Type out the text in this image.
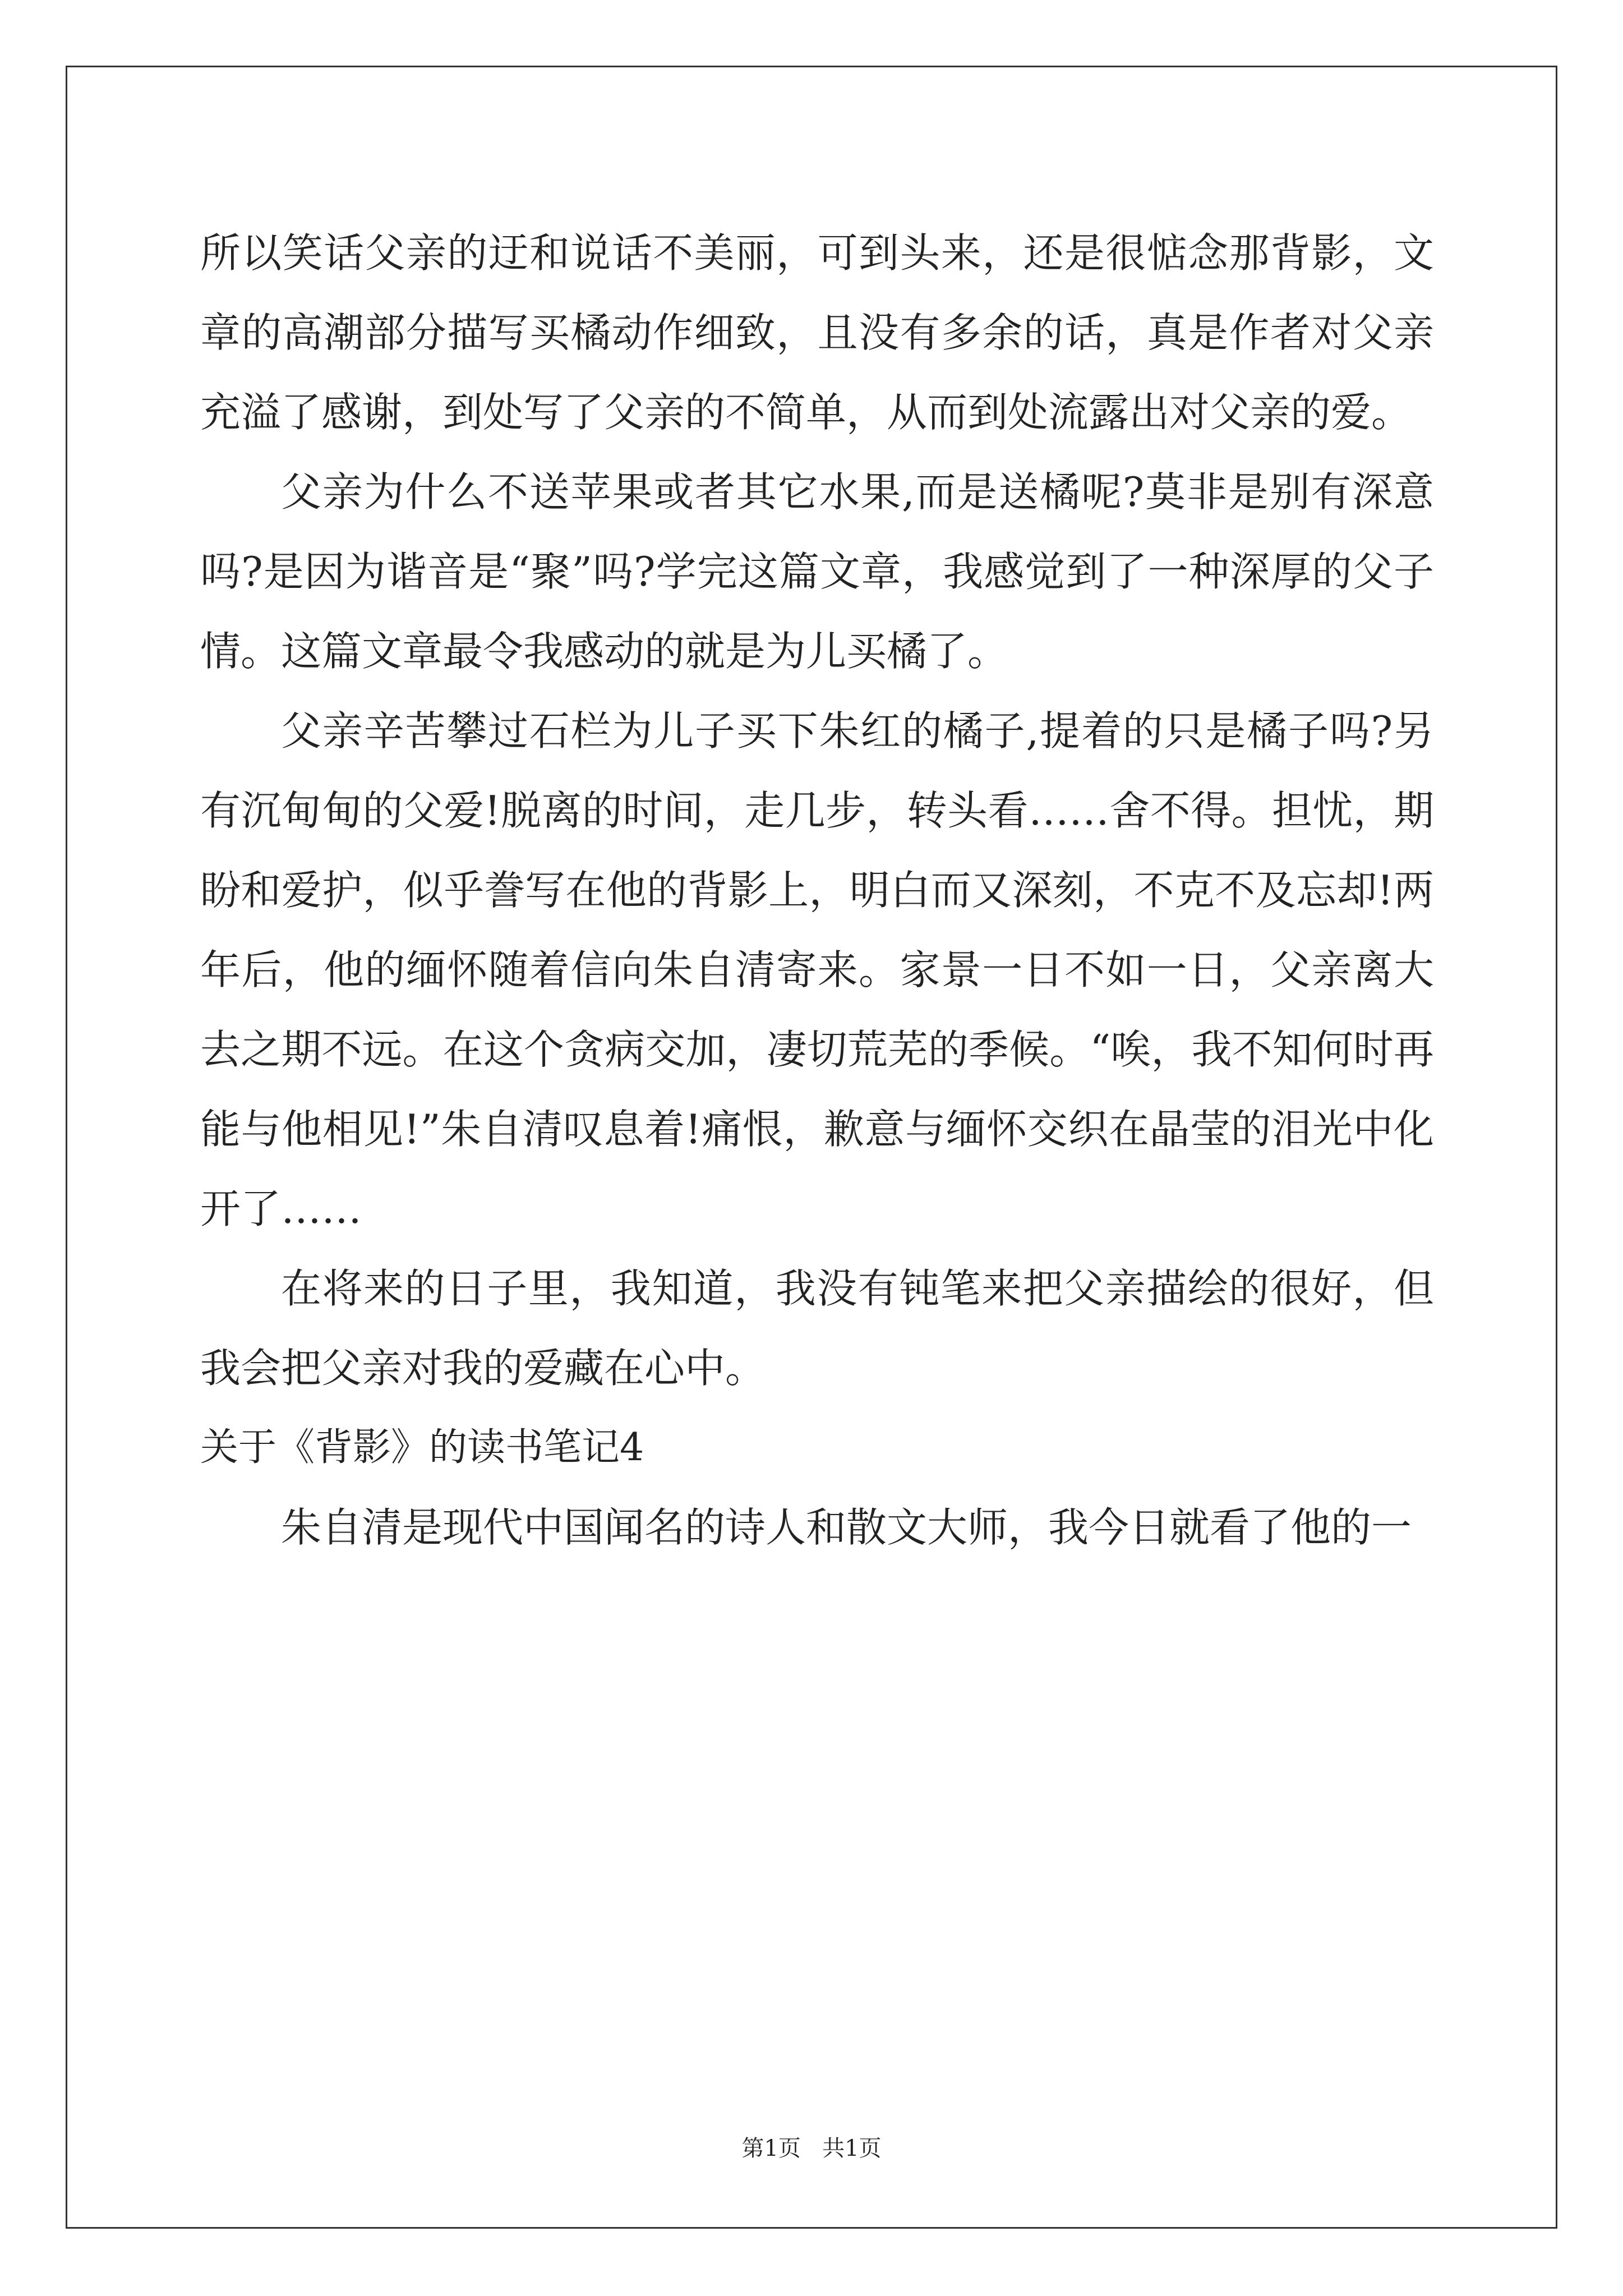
所以笑话父亲的迂和说话不美丽，可到头来，还是很惦念那背影，文章的高潮部分描写买橘动作细致，且没有多余的话，真是作者对父亲充溢了感谢，到处写了父亲的不简单，从而到处流露出对父亲的爱。

父亲为什么不送苹果或者其它水果,而是送橘呢?莫非是别有深意吗?是因为谐音是“聚”吗?学完这篇文章，我感觉到了一种深厚的父子情。这篇文章最令我感动的就是为儿买橘了。

父亲辛苦攀过石栏为儿子买下朱红的橘子,提着的只是橘子吗?另有沉甸甸的父爱!脱离的时间，走几步，转头看……舍不得。担忧，期盼和爱护，似乎誊写在他的背影上，明白而又深刻，不克不及忘却!两年后，他的缅怀随着信向朱自清寄来。家景一日不如一日，父亲离大去之期不远。在这个贪病交加，凄切荒芜的季候。“唉，我不知何时再能与他相见!”朱自清叹息着!痛恨，歉意与缅怀交织在晶莹的泪光中化开了……

在将来的日子里，我知道，我没有钝笔来把父亲描绘的很好，但我会把父亲对我的爱藏在心中。

关于《背影》的读书笔记4

朱自清是现代中国闻名的诗人和散文大师，我今日就看了他的一

第1页 共1页
